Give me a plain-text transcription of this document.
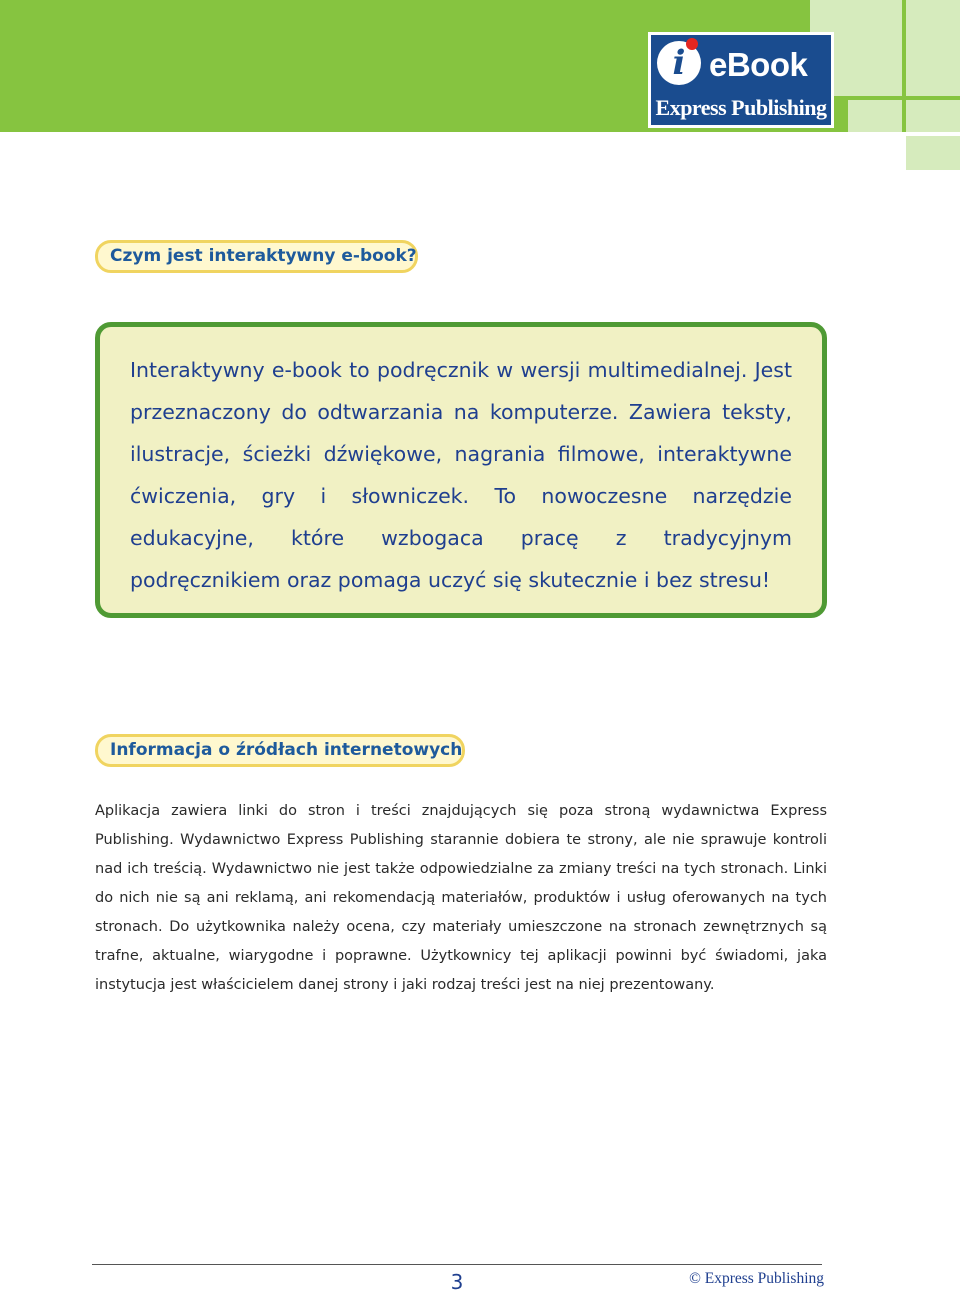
i eBook
Express Publishing
Czym jest interaktywny e-book?

Interaktywny e-book to podręcznik w wersji multimedialnej. Jest przeznaczony do odtwarzania na komputerze. Zawiera teksty, ilustracje, ścieżki dźwiękowe, nagrania filmowe, interaktywne ćwiczenia, gry i słowniczek. To nowoczesne narzędzie edukacyjne, które wzbogaca pracę z tradycyjnym podręcznikiem oraz pomaga uczyć się skutecznie i bez stresu!

Informacja o źródłach internetowych

Aplikacja zawiera linki do stron i treści znajdujących się poza stroną wydawnictwa Express Publishing. Wydawnictwo Express Publishing starannie dobiera te strony, ale nie sprawuje kontroli nad ich treścią. Wydawnictwo nie jest także odpowiedzialne za zmiany treści na tych stronach. Linki do nich nie są ani reklamą, ani rekomendacją materiałów, produktów i usług oferowanych na tych stronach. Do użytkownika należy ocena, czy materiały umieszczone na stronach zewnętrznych są trafne, aktualne, wiarygodne i poprawne. Użytkownicy tej aplikacji powinni być świadomi, jaka instytucja jest właścicielem danej strony i jaki rodzaj treści jest na niej prezentowany.

3	© Express Publishing
